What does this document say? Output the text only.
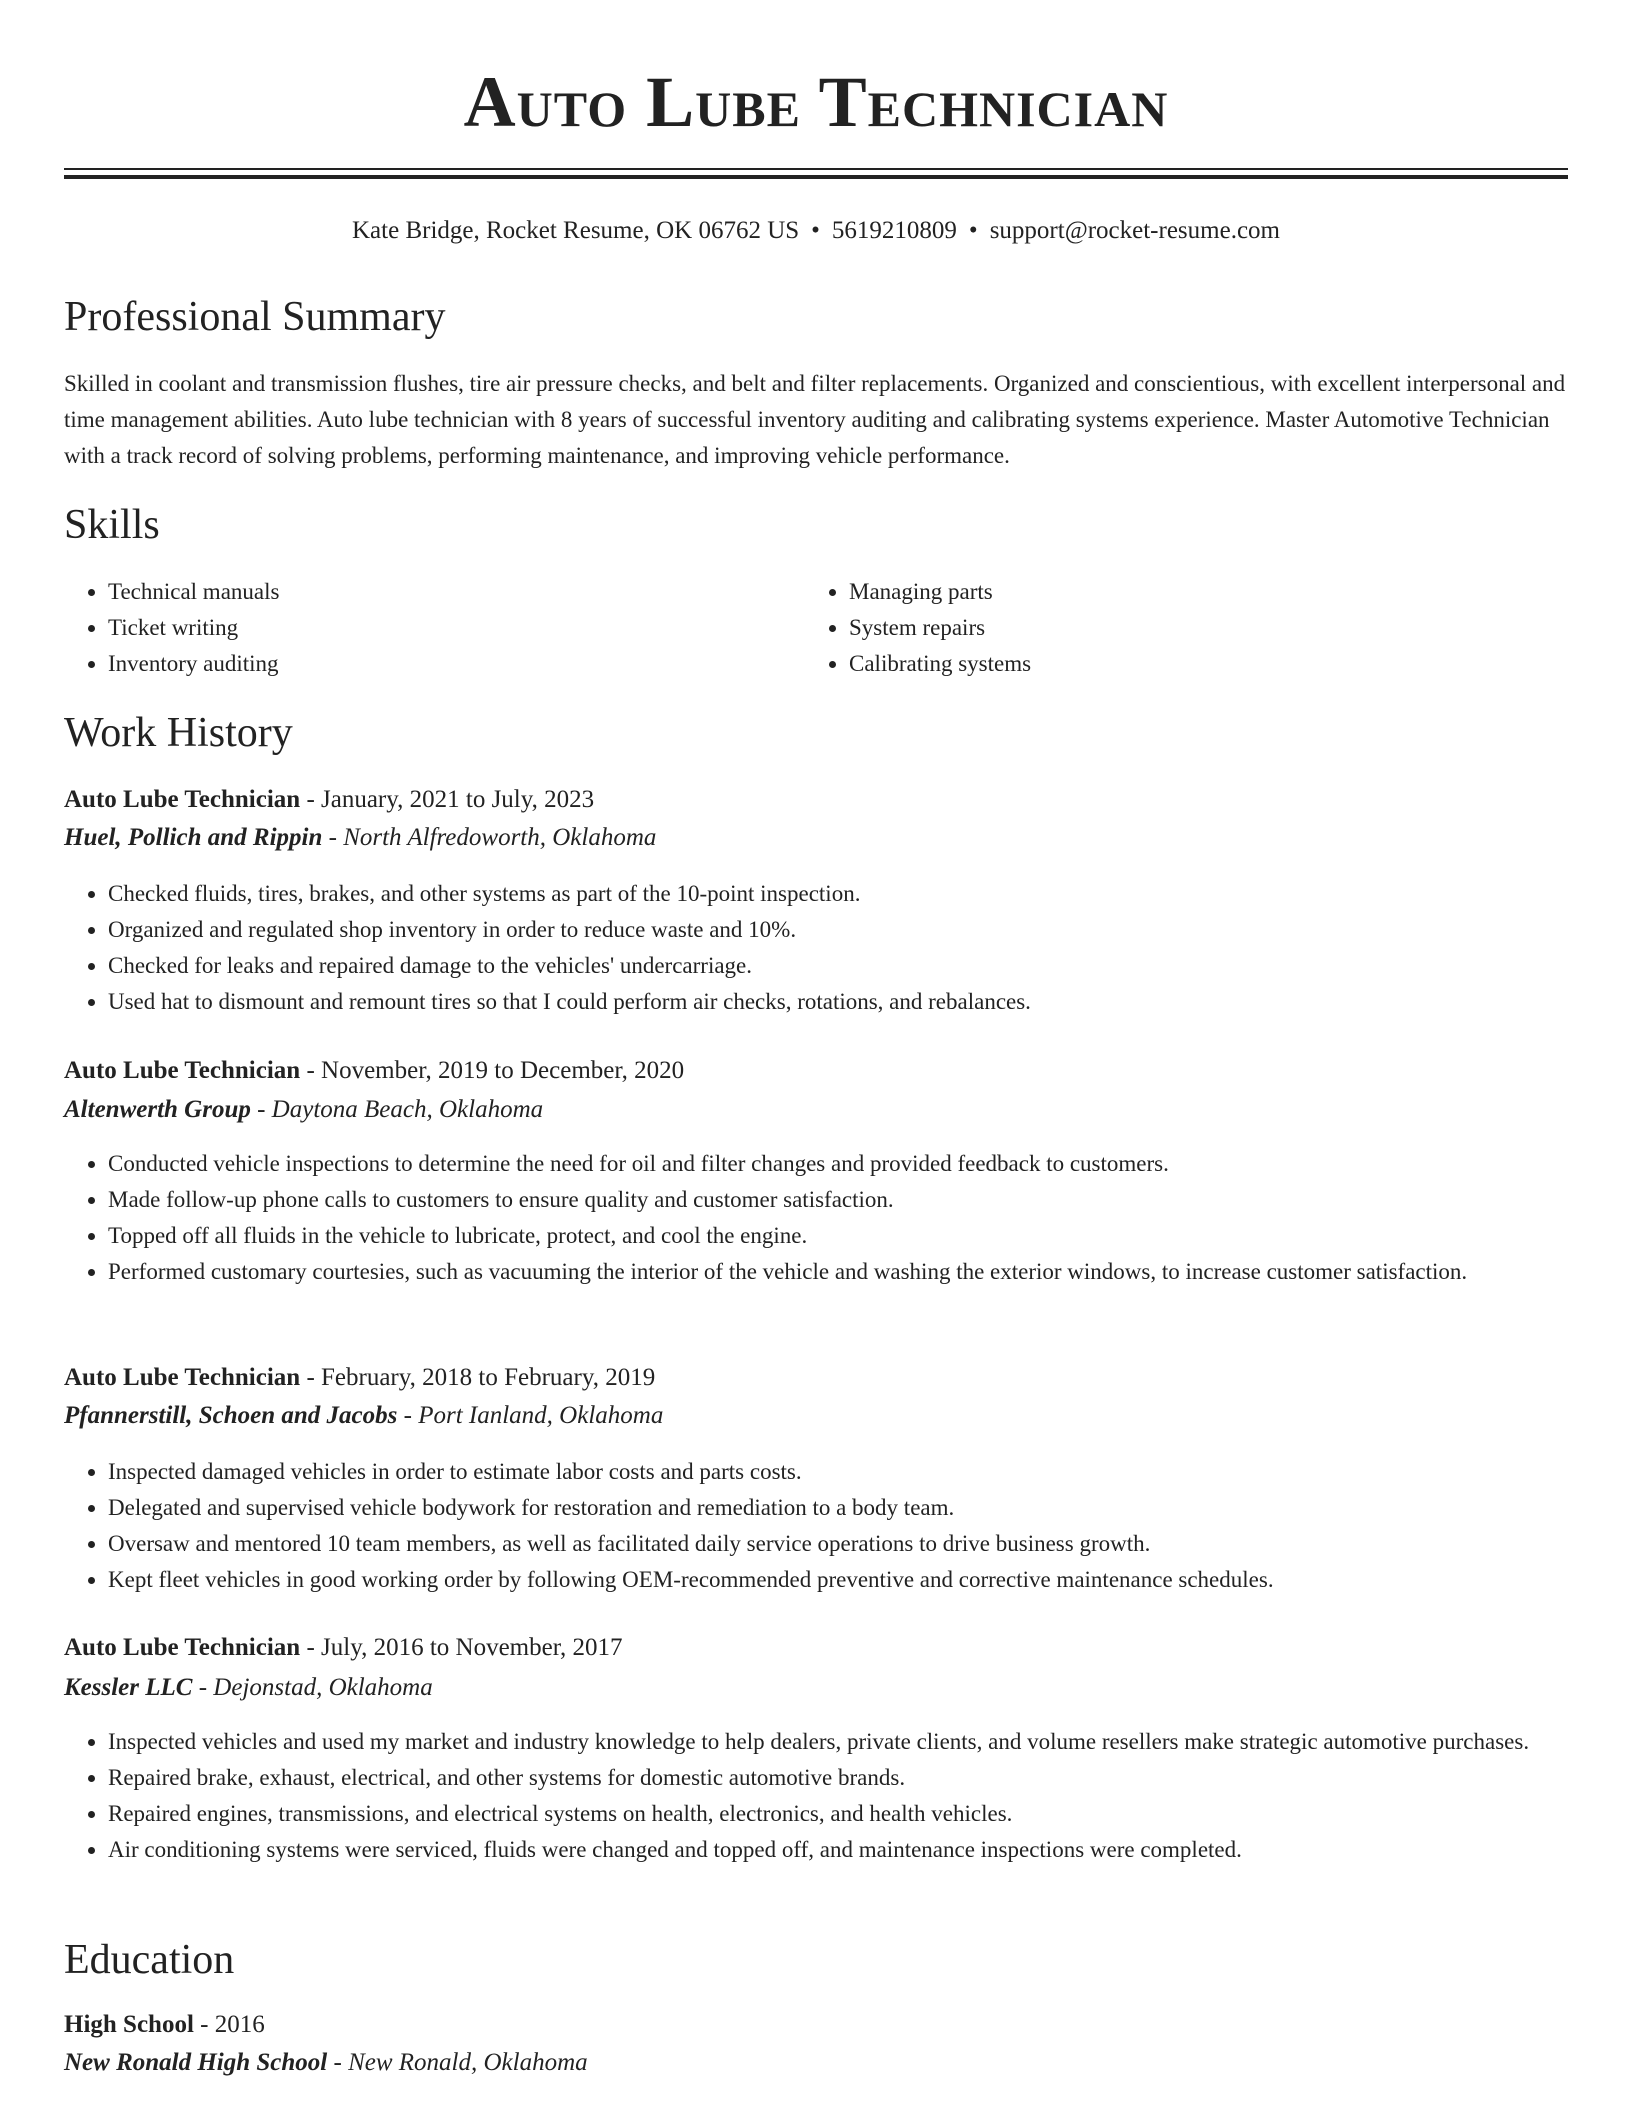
Auto Lube Technician
Kate Bridge, Rocket Resume, OK 06762 US • 5619210809 • support@rocket-resume.com
Professional Summary

Skilled in coolant and transmission flushes, tire air pressure checks, and belt and filter replacements. Organized and conscientious, with excellent interpersonal and time management abilities. Auto lube technician with 8 years of successful inventory auditing and calibrating systems experience. Master Automotive Technician with a track record of solving problems, performing maintenance, and improving vehicle performance.

Skills
• Technical manuals
• Ticket writing
• Inventory auditing
• Managing parts
• System repairs
• Calibrating systems
Work History
Auto Lube Technician - January, 2021 to July, 2023
Huel, Pollich and Rippin - North Alfredoworth, Oklahoma
• Checked fluids, tires, brakes, and other systems as part of the 10-point inspection.
• Organized and regulated shop inventory in order to reduce waste and 10%.
• Checked for leaks and repaired damage to the vehicles' undercarriage.
• Used hat to dismount and remount tires so that I could perform air checks, rotations, and rebalances.
Auto Lube Technician - November, 2019 to December, 2020
Altenwerth Group - Daytona Beach, Oklahoma
• Conducted vehicle inspections to determine the need for oil and filter changes and provided feedback to customers.
• Made follow-up phone calls to customers to ensure quality and customer satisfaction.
• Topped off all fluids in the vehicle to lubricate, protect, and cool the engine.
• Performed customary courtesies, such as vacuuming the interior of the vehicle and washing the exterior windows, to increase customer satisfaction.
Auto Lube Technician - February, 2018 to February, 2019
Pfannerstill, Schoen and Jacobs - Port Ianland, Oklahoma
• Inspected damaged vehicles in order to estimate labor costs and parts costs.
• Delegated and supervised vehicle bodywork for restoration and remediation to a body team.
• Oversaw and mentored 10 team members, as well as facilitated daily service operations to drive business growth.
• Kept fleet vehicles in good working order by following OEM-recommended preventive and corrective maintenance schedules.
Auto Lube Technician - July, 2016 to November, 2017
Kessler LLC - Dejonstad, Oklahoma
• Inspected vehicles and used my market and industry knowledge to help dealers, private clients, and volume resellers make strategic automotive purchases.
• Repaired brake, exhaust, electrical, and other systems for domestic automotive brands.
• Repaired engines, transmissions, and electrical systems on health, electronics, and health vehicles.
• Air conditioning systems were serviced, fluids were changed and topped off, and maintenance inspections were completed.
Education
High School - 2016
New Ronald High School - New Ronald, Oklahoma
